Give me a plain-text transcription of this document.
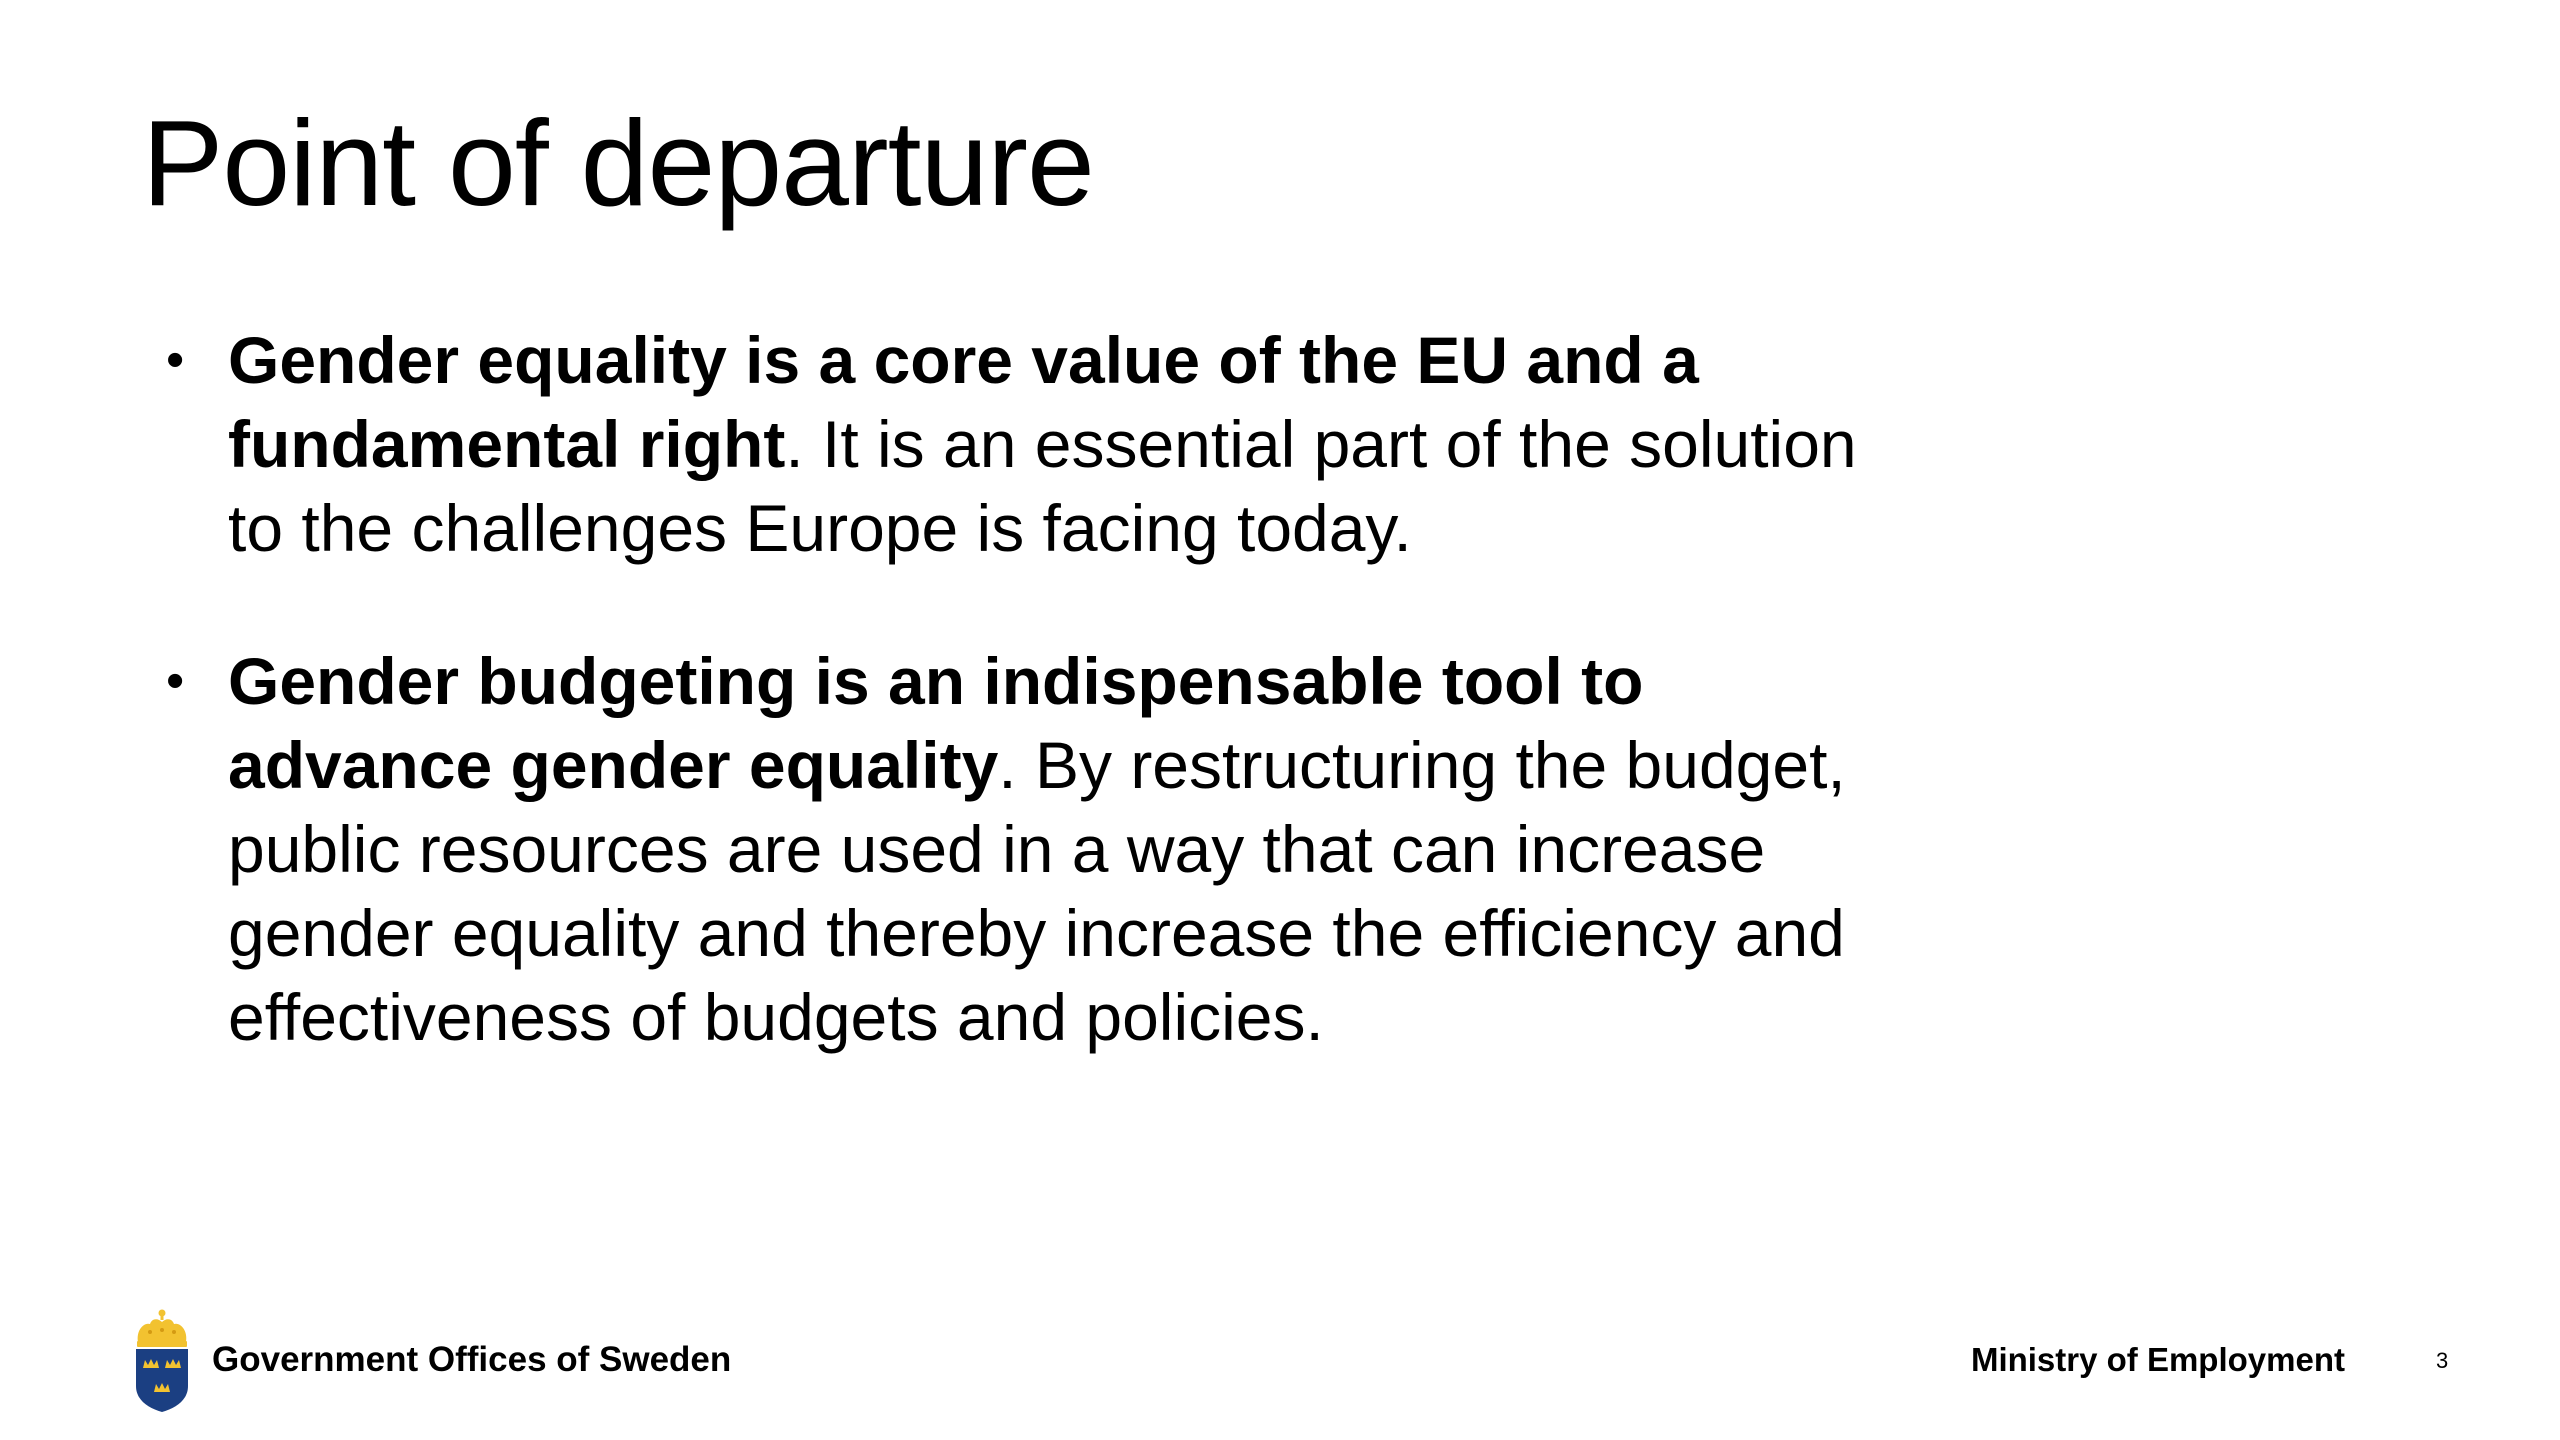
Point of departure
• Gender equality is a core value of the EU and a fundamental right. It is an essential part of the solution to the challenges Europe is facing today.
• Gender budgeting is an indispensable tool to advance gender equality. By restructuring the budget, public resources are used in a way that can increase gender equality and thereby increase the efficiency and effectiveness of budgets and policies.
Government Offices of Sweden	Ministry of Employment	3
